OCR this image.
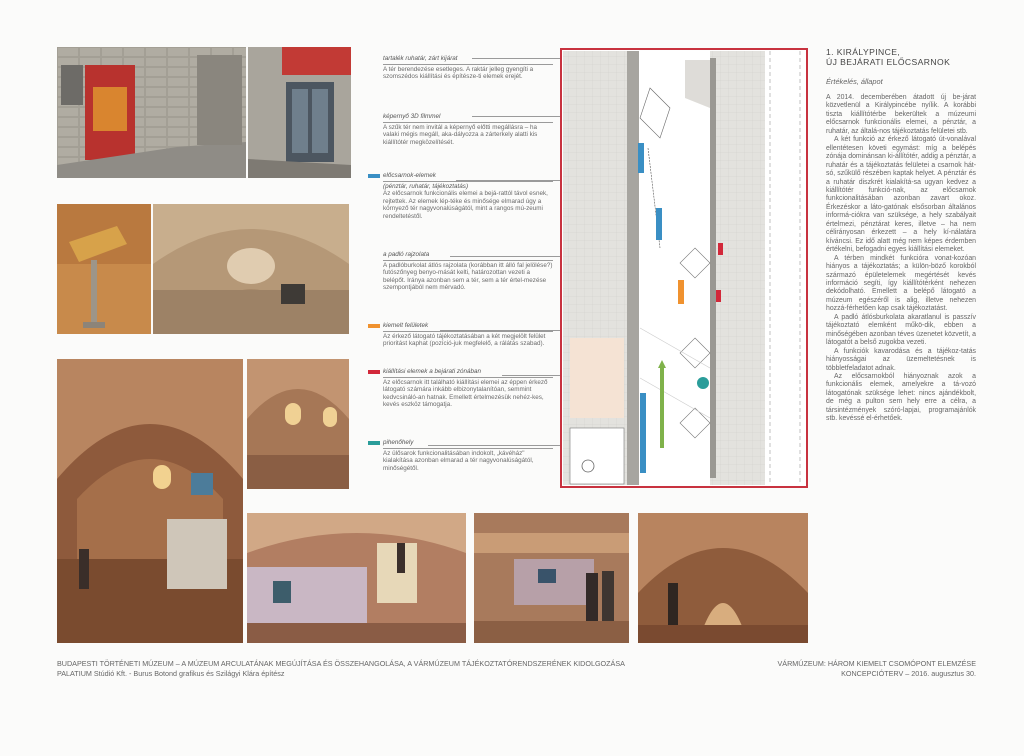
tartalék ruhatár, zárt kijárat

A tér berendezése esetleges. A raktár jelleg gyengíti a szomszédos kiállítási és építésze-ti elemek erejét.

képernyő 3D filmmel

A szűk tér nem invitál a képernyő előtti megállásra – ha valaki mégis megáll, aka-dályozza a zárterkely alatti kis kiállítótér megközelítését.

előcsarnok-elemek
(pénztár, ruhatár, tájékoztatás)

Az előcsarnok funkcionális elemei a bejá-rattól távol esnek, rejtettek. Az elemek lép-téke és minősége elmarad úgy a környező tér nagyvonalúságától, mint a rangos mú-zeumi rendeltetéstől.

a padló rajzolata

A padlóburkolat átlós rajzolata (korábban itt álló fal jelölése?) futószőnyeg benyo-mását kelti, határozottan vezeti a belépőt. Iránya azonban sem a tér, sem a tér értel-mezése szempontjából nem mérvadó.

kiemelt felületek

Az érkező látogató tájékoztatásában a két megjelölt felület prioritást kaphat (pozíció-juk megfelelő, a rálátás szabad).

kiállítási elemek a bejárati zónában

Az előcsarnok itt található kiállítási elemei az éppen érkező látogató számára inkább elbizonytalanítóan, semmint kedvcsináló-an hatnak. Emellett értelmezésük nehéz-kes, kevés eszköz támogatja.

pihenőhely

Az ülősarok funkcionalitásában indokolt, „kávéház" kialakítása azonban elmarad a tér nagyvonalúságától, minőségétől.

1. KIRÁLYPINCE,
ÚJ BEJÁRATI ELŐCSARNOK
Értékelés, állapot

A 2014. decemberében átadott új be-járat közvetlenül a Királypincébe nyílik. A korábbi tiszta kiállítótérbe bekerültek a múzeumi előcsarnok funkcionális elemei, a pénztár, a ruhatár, az általá-nos tájékoztatás felületei stb.

A két funkció az érkező látogató út-vonalával ellentétesen követi egymást: míg a belépés zónája dominánsan ki-állítótér, addig a pénztár, a ruhatár és a tájékoztatás felületei a csarnok hát-só, szűkülő részében kaptak helyet. A pénztár és a ruhatár diszkrét kialakítá-sa ugyan kedvez a kiállítótér funkció-nak, az előcsarnok funkcionalitásában azonban zavart okoz. Érkezéskor a láto-gatónak elsősorban általános informá-ciókra van szüksége, a hely szabályait értelmezi, pénztárat keres, illetve – ha nem célirányosan érkezett – a hely kí-nálatára kíváncsi. Ez idő alatt még nem képes érdemben értékelni, befogadni egyes kiállítási elemeket.

A térben mindkét funkcióra vonat-kozóan hiányos a tájékoztatás; a külön-böző korokból származó épületelemek megértését kevés információ segíti, így kiállítótérként nehezen dekódolható. Emellett a belépő látogató a múzeum egészéről is alig, illetve nehezen hozzá-férhetően kap csak tájékoztatást.

A padló átlósburkolata akaratlanul is passzív tájékoztató elemként műkö-dik, ebben a minőségében azonban téves üzenetet közvetít, a látogatót a belső zugokba vezeti.

A funkciók kavarodása és a tájékoz-tatás hiányosságai az üzemeltetésnek is többletfeladatot adnak.

Az előcsarnokból hiányoznak azok a funkcionális elemek, amelyekre a tá-vozó látogatónak szüksége lehet: nincs ajándékbolt, de még a pulton sem hely erre a célra, a társintézmények szóró-lapjai, programajánlók stb. kevéssé el-érhetőek.

BUDAPESTI TÖRTÉNETI MÚZEUM – A MÚZEUM ARCULATÁNAK MEGÚJÍTÁSA ÉS ÖSSZEHANGOLÁSA, A VÁRMÚZEUM TÁJÉKOZTATÓRENDSZERÉNEK KIDOLGOZÁSA
PALATIUM Stúdió Kft. - Burus Botond grafikus és Szilágyi Klára építész
VÁRMÚZEUM: HÁROM KIEMELT CSOMÓPONT ELEMZÉSE
KONCEPCIÓTERV – 2016. augusztus 30.
